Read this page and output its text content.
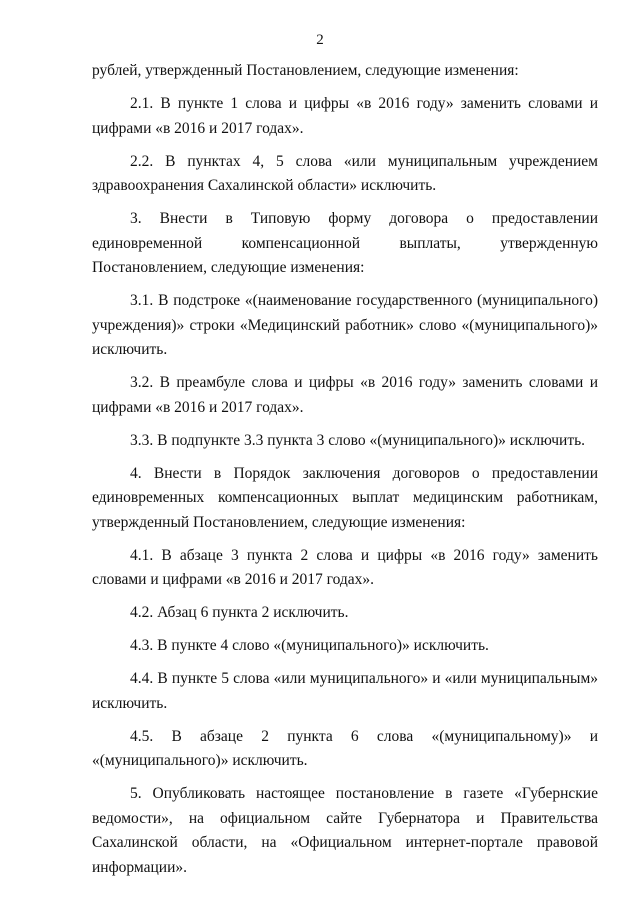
2

рублей, утвержденный Постановлением, следующие изменения:

2.1. В пункте 1 слова и цифры «в 2016 году» заменить словами и цифрами «в 2016 и 2017 годах».

2.2. В пунктах 4, 5 слова «или муниципальным учреждением здравоохранения Сахалинской области» исключить.

3. Внести в Типовую форму договора о предоставлении единовременной компенсационной выплаты, утвержденную Постановлением, следующие изменения:

3.1. В подстроке «(наименование государственного (муниципального) учреждения)» строки «Медицинский работник» слово «(муниципального)» исключить.

3.2. В преамбуле слова и цифры «в 2016 году» заменить словами и цифрами «в 2016 и 2017 годах».

3.3. В подпункте 3.3 пункта 3 слово «(муниципального)» исключить.

4. Внести в Порядок заключения договоров о предоставлении единовременных компенсационных выплат медицинским работникам, утвержденный Постановлением, следующие изменения:

4.1. В абзаце 3 пункта 2 слова и цифры «в 2016 году» заменить словами и цифрами «в 2016 и 2017 годах».

4.2. Абзац 6 пункта 2 исключить.

4.3. В пункте 4 слово «(муниципального)» исключить.

4.4. В пункте 5 слова «или муниципального» и «или муниципальным» исключить.

4.5. В абзаце 2 пункта 6 слова «(муниципальному)» и «(муниципального)» исключить.

5. Опубликовать настоящее постановление в газете «Губернские ведомости», на официальном сайте Губернатора и Правительства Сахалинской области, на «Официальном интернет-портале правовой информации».
